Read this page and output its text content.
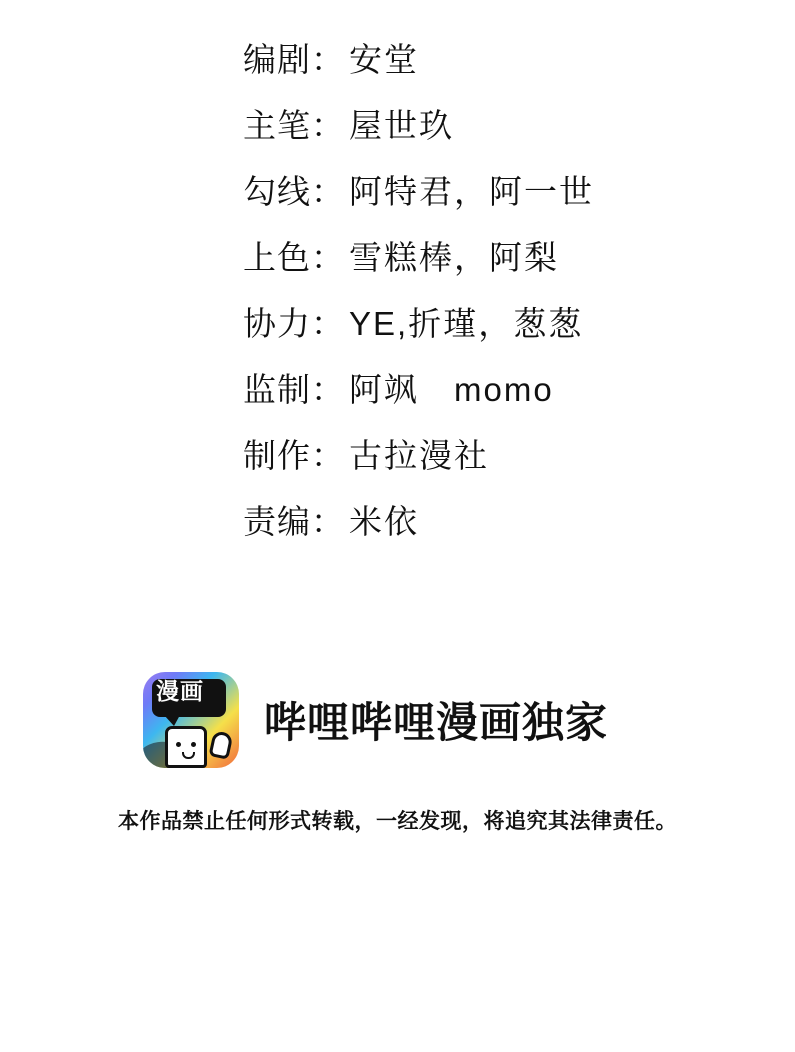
编剧： 安堂
主笔： 屋世玖
勾线： 阿特君，阿一世
上色： 雪糕棒，阿梨
协力： YE,折瑾，葱葱
监制： 阿飒　momo
制作： 古拉漫社
责编： 米依
漫画
哔哩哔哩漫画独家
本作品禁止任何形式转载，一经发现，将追究其法律责任。
